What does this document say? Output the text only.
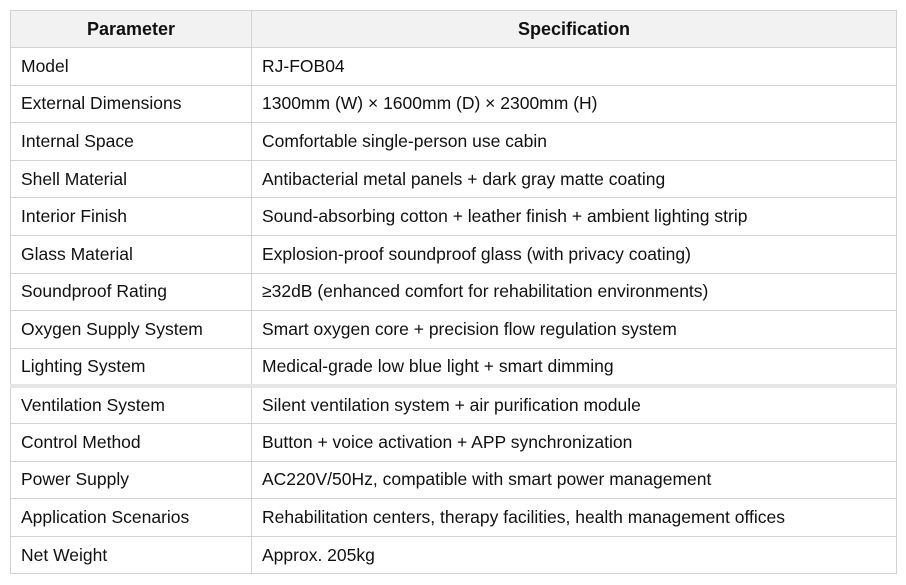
Parameter	Specification
Model	RJ-FOB04
External Dimensions	1300mm (W) × 1600mm (D) × 2300mm (H)
Internal Space	Comfortable single-person use cabin
Shell Material	Antibacterial metal panels + dark gray matte coating
Interior Finish	Sound-absorbing cotton + leather finish + ambient lighting strip
Glass Material	Explosion-proof soundproof glass (with privacy coating)
Soundproof Rating	≥32dB (enhanced comfort for rehabilitation environments)
Oxygen Supply System	Smart oxygen core + precision flow regulation system
Lighting System	Medical-grade low blue light + smart dimming
Ventilation System	Silent ventilation system + air purification module
Control Method	Button + voice activation + APP synchronization
Power Supply	AC220V/50Hz, compatible with smart power management
Application Scenarios	Rehabilitation centers, therapy facilities, health management offices
Net Weight	Approx. 205kg
